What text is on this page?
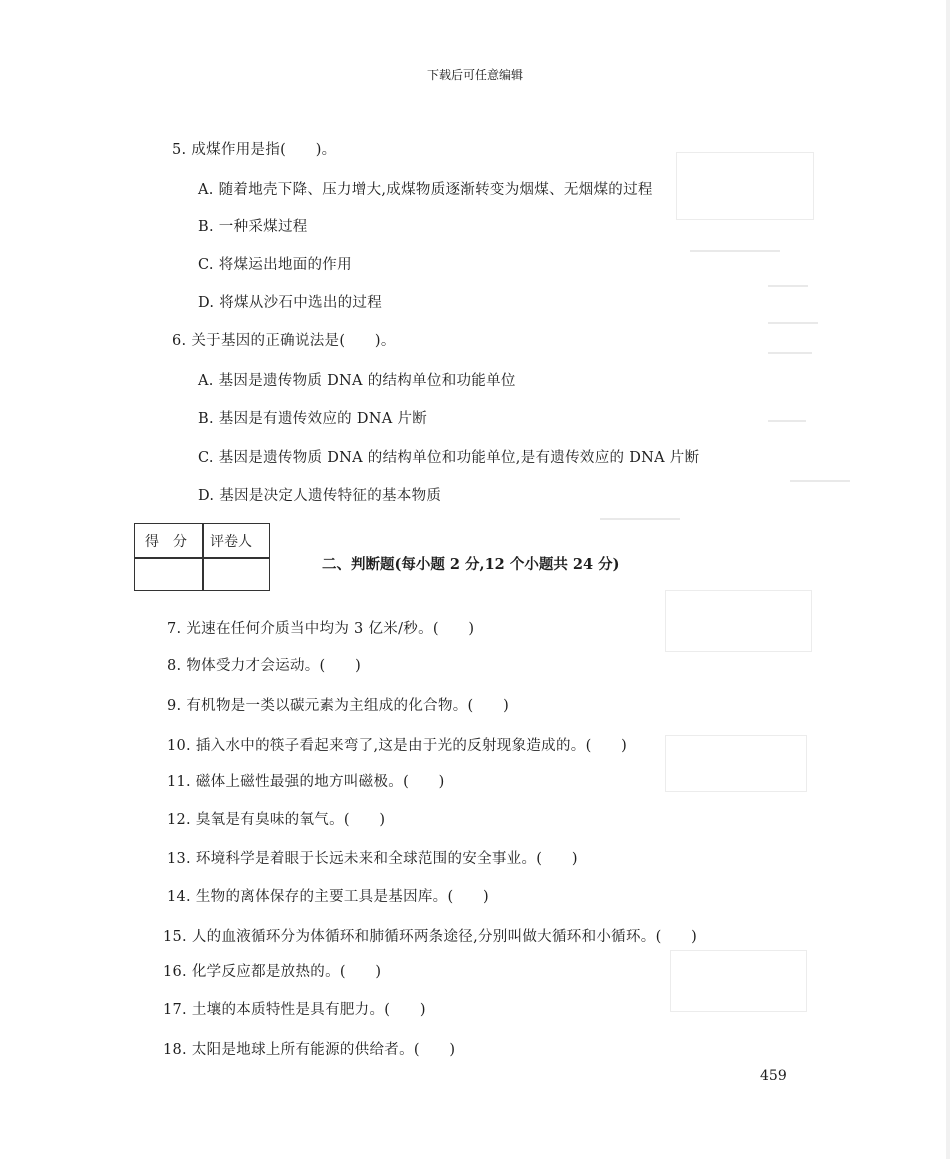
下载后可任意编辑
5. 成煤作用是指(　　)。
A. 随着地壳下降、压力增大,成煤物质逐渐转变为烟煤、无烟煤的过程
B. 一种采煤过程
C. 将煤运出地面的作用
D. 将煤从沙石中选出的过程
6. 关于基因的正确说法是(　　)。
A. 基因是遗传物质 DNA 的结构单位和功能单位
B. 基因是有遗传效应的 DNA 片断
C. 基因是遗传物质 DNA 的结构单位和功能单位,是有遗传效应的 DNA 片断
D. 基因是决定人遗传特征的基本物质
得　分 评卷人
二、判断题(每小题 2 分,12 个小题共 24 分)
7. 光速在任何介质当中均为 3 亿米/秒。(　　)
8. 物体受力才会运动。(　　)
9. 有机物是一类以碳元素为主组成的化合物。(　　)
10. 插入水中的筷子看起来弯了,这是由于光的反射现象造成的。(　　)
11. 磁体上磁性最强的地方叫磁极。(　　)
12. 臭氧是有臭味的氧气。(　　)
13. 环境科学是着眼于长远未来和全球范围的安全事业。(　　)
14. 生物的离体保存的主要工具是基因库。(　　)
15. 人的血液循环分为体循环和肺循环两条途径,分别叫做大循环和小循环。(　　)
16. 化学反应都是放热的。(　　)
17. 土壤的本质特性是具有肥力。(　　)
18. 太阳是地球上所有能源的供给者。(　　)
459
